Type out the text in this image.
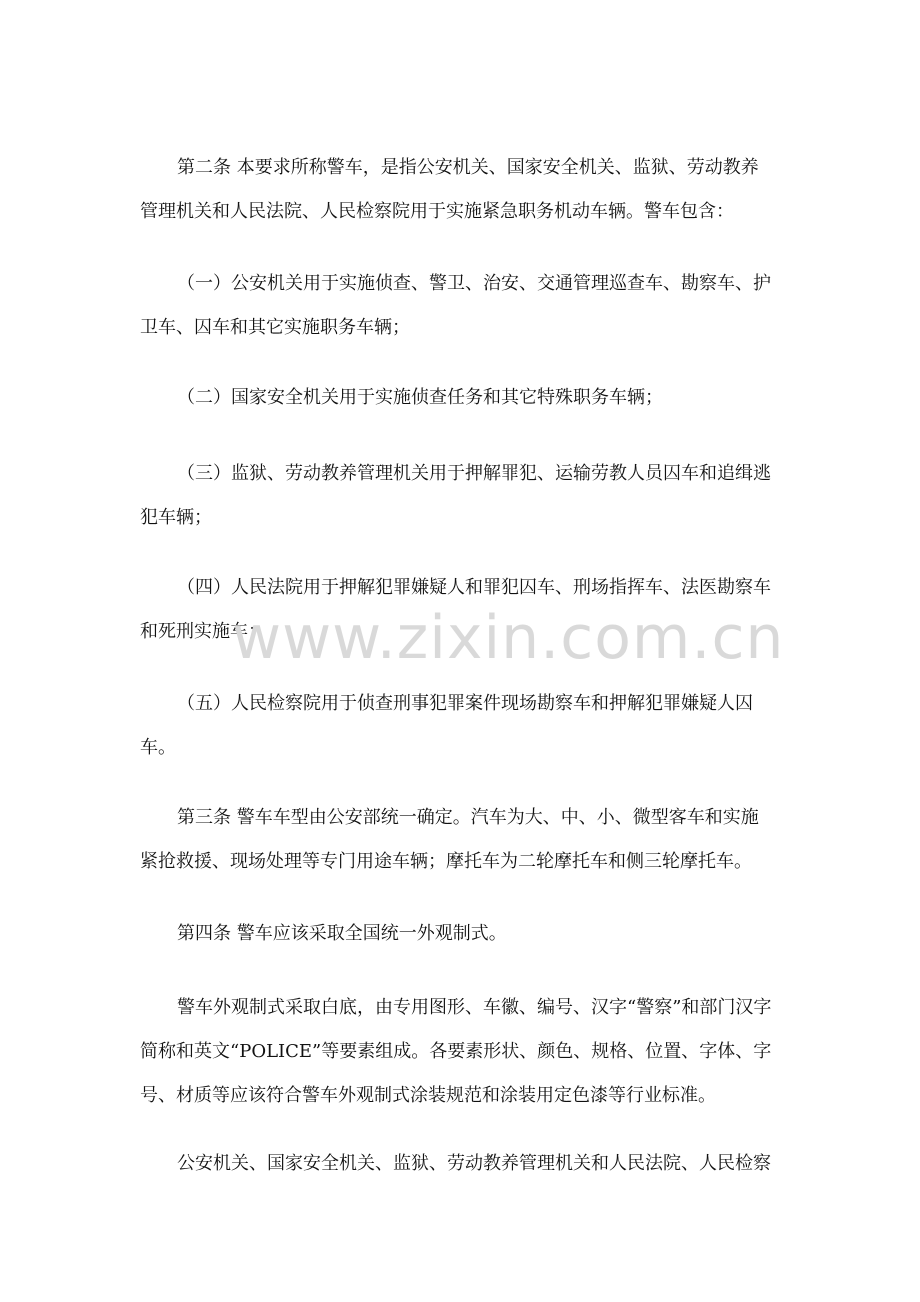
第二条 本要求所称警车，是指公安机关、国家安全机关、监狱、劳动教养
管理机关和人民法院、人民检察院用于实施紧急职务机动车辆。警车包含：

（一）公安机关用于实施侦查、警卫、治安、交通管理巡查车、勘察车、护
卫车、囚车和其它实施职务车辆；

（二）国家安全机关用于实施侦查任务和其它特殊职务车辆；

（三）监狱、劳动教养管理机关用于押解罪犯、运输劳教人员囚车和追缉逃
犯车辆；

（四）人民法院用于押解犯罪嫌疑人和罪犯囚车、刑场指挥车、法医勘察车
和死刑实施车；

（五）人民检察院用于侦查刑事犯罪案件现场勘察车和押解犯罪嫌疑人囚
车。

第三条 警车车型由公安部统一确定。汽车为大、中、小、微型客车和实施
紧抢救援、现场处理等专门用途车辆；摩托车为二轮摩托车和侧三轮摩托车。

第四条 警车应该采取全国统一外观制式。

警车外观制式采取白底，由专用图形、车徽、编号、汉字“警察”和部门汉字
简称和英文“POLICE”等要素组成。各要素形状、颜色、规格、位置、字体、字
号、材质等应该符合警车外观制式涂装规范和涂装用定色漆等行业标准。

公安机关、国家安全机关、监狱、劳动教养管理机关和人民法院、人民检察

www.zixin.com.cn
